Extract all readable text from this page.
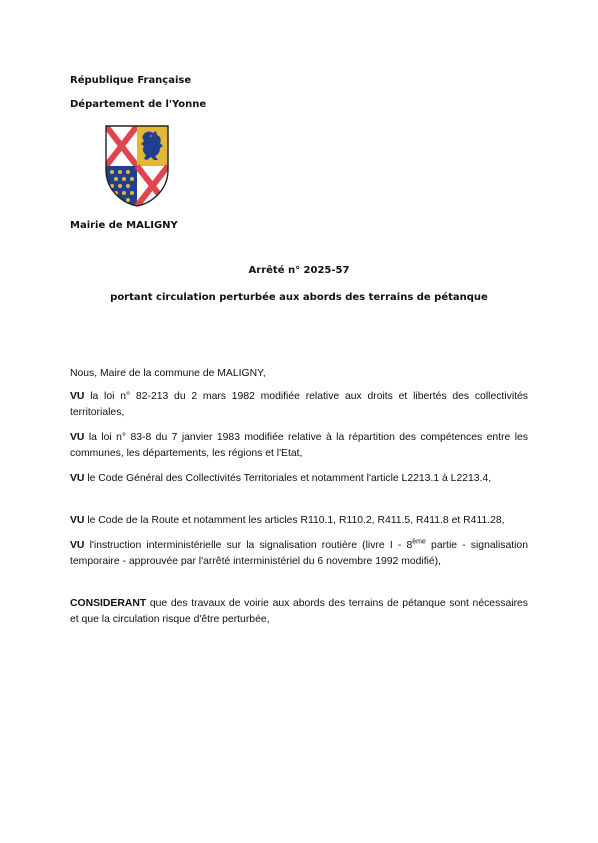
République Française
Département de l'Yonne
Mairie de MALIGNY
Arrêté n° 2025-57
portant circulation perturbée aux abords des terrains de pétanque
Nous, Maire de la commune de MALIGNY,
VU la loi n° 82-213 du 2 mars 1982 modifiée relative aux droits et libertés des collectivités territoriales,
VU la loi n° 83-8 du 7 janvier 1983 modifiée relative à la répartition des compétences entre les communes, les départements, les régions et l'Etat,
VU le Code Général des Collectivités Territoriales et notamment l'article L2213.1 à L2213.4,
VU le Code de la Route et notamment les articles R110.1, R110.2, R411.5, R411.8 et R411.28,
VU l'instruction interministérielle sur la signalisation routière (livre I - 8ème partie - signalisation temporaire - approuvée par l'arrêté interministériel du 6 novembre 1992 modifié),
CONSIDERANT que des travaux de voirie aux abords des terrains de pétanque sont nécessaires et que la circulation risque d'être perturbée,
